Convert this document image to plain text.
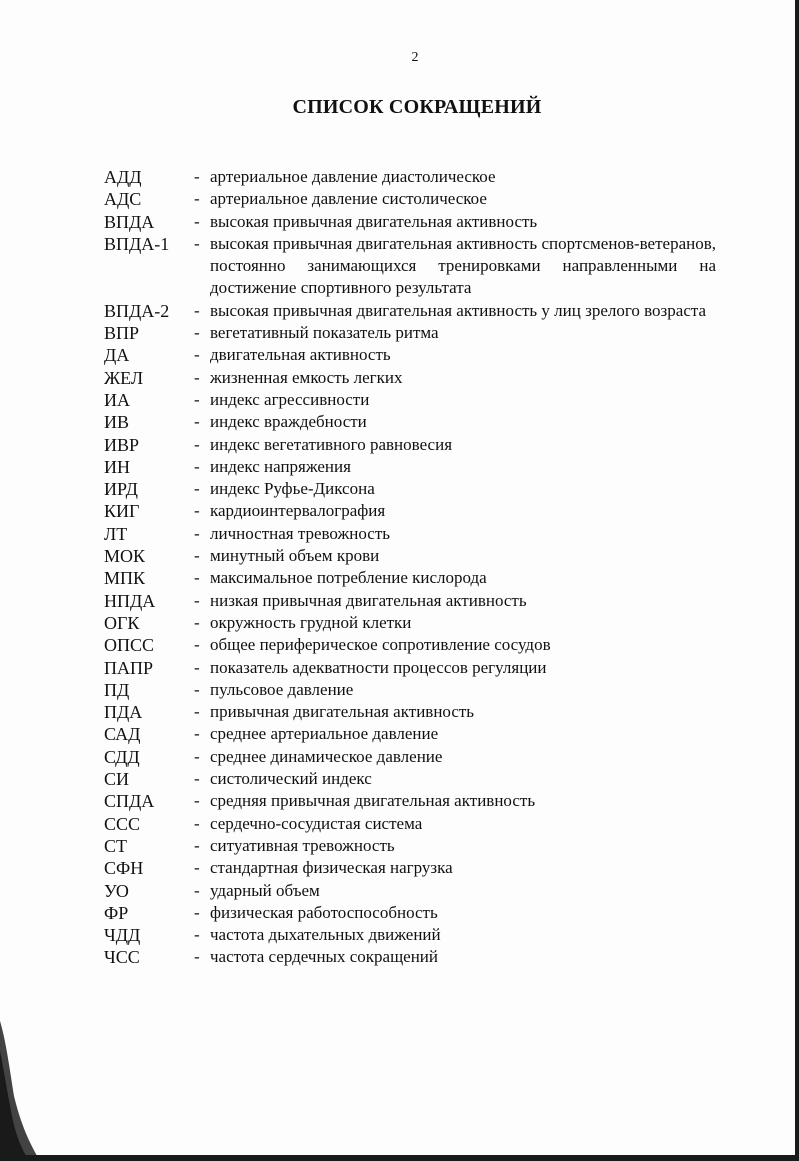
2
СПИСОК СОКРАЩЕНИЙ
АДД	- артериальное давление диастолическое
АДС	- артериальное давление систолическое
ВПДА	- высокая привычная двигательная активность
ВПДА-1	- высокая привычная двигательная активность спортсменов-ветеранов, постоянно занимающихся тренировками направленными на достижение спортивного результата
ВПДА-2	- высокая привычная двигательная активность у лиц зрелого возраста
ВПР	- вегетативный показатель ритма
ДА	- двигательная активность
ЖЕЛ	- жизненная емкость легких
ИА	- индекс агрессивности
ИВ	- индекс враждебности
ИВР	- индекс вегетативного равновесия
ИН	- индекс напряжения
ИРД	- индекс Руфье-Диксона
КИГ	- кардиоинтервалография
ЛТ	- личностная тревожность
МОК	- минутный объем крови
МПК	- максимальное потребление кислорода
НПДА	- низкая привычная двигательная активность
ОГК	- окружность грудной клетки
ОПСС	- общее периферическое сопротивление сосудов
ПАПР	- показатель адекватности процессов регуляции
ПД	- пульсовое давление
ПДА	- привычная двигательная активность
САД	- среднее артериальное давление
СДД	- среднее динамическое давление
СИ	- систолический индекс
СПДА	- средняя привычная двигательная активность
ССС	- сердечно-сосудистая система
СТ	- ситуативная тревожность
СФН	- стандартная физическая нагрузка
УО	- ударный объем
ФР	- физическая работоспособность
ЧДД	- частота дыхательных движений
ЧСС	- частота сердечных сокращений
